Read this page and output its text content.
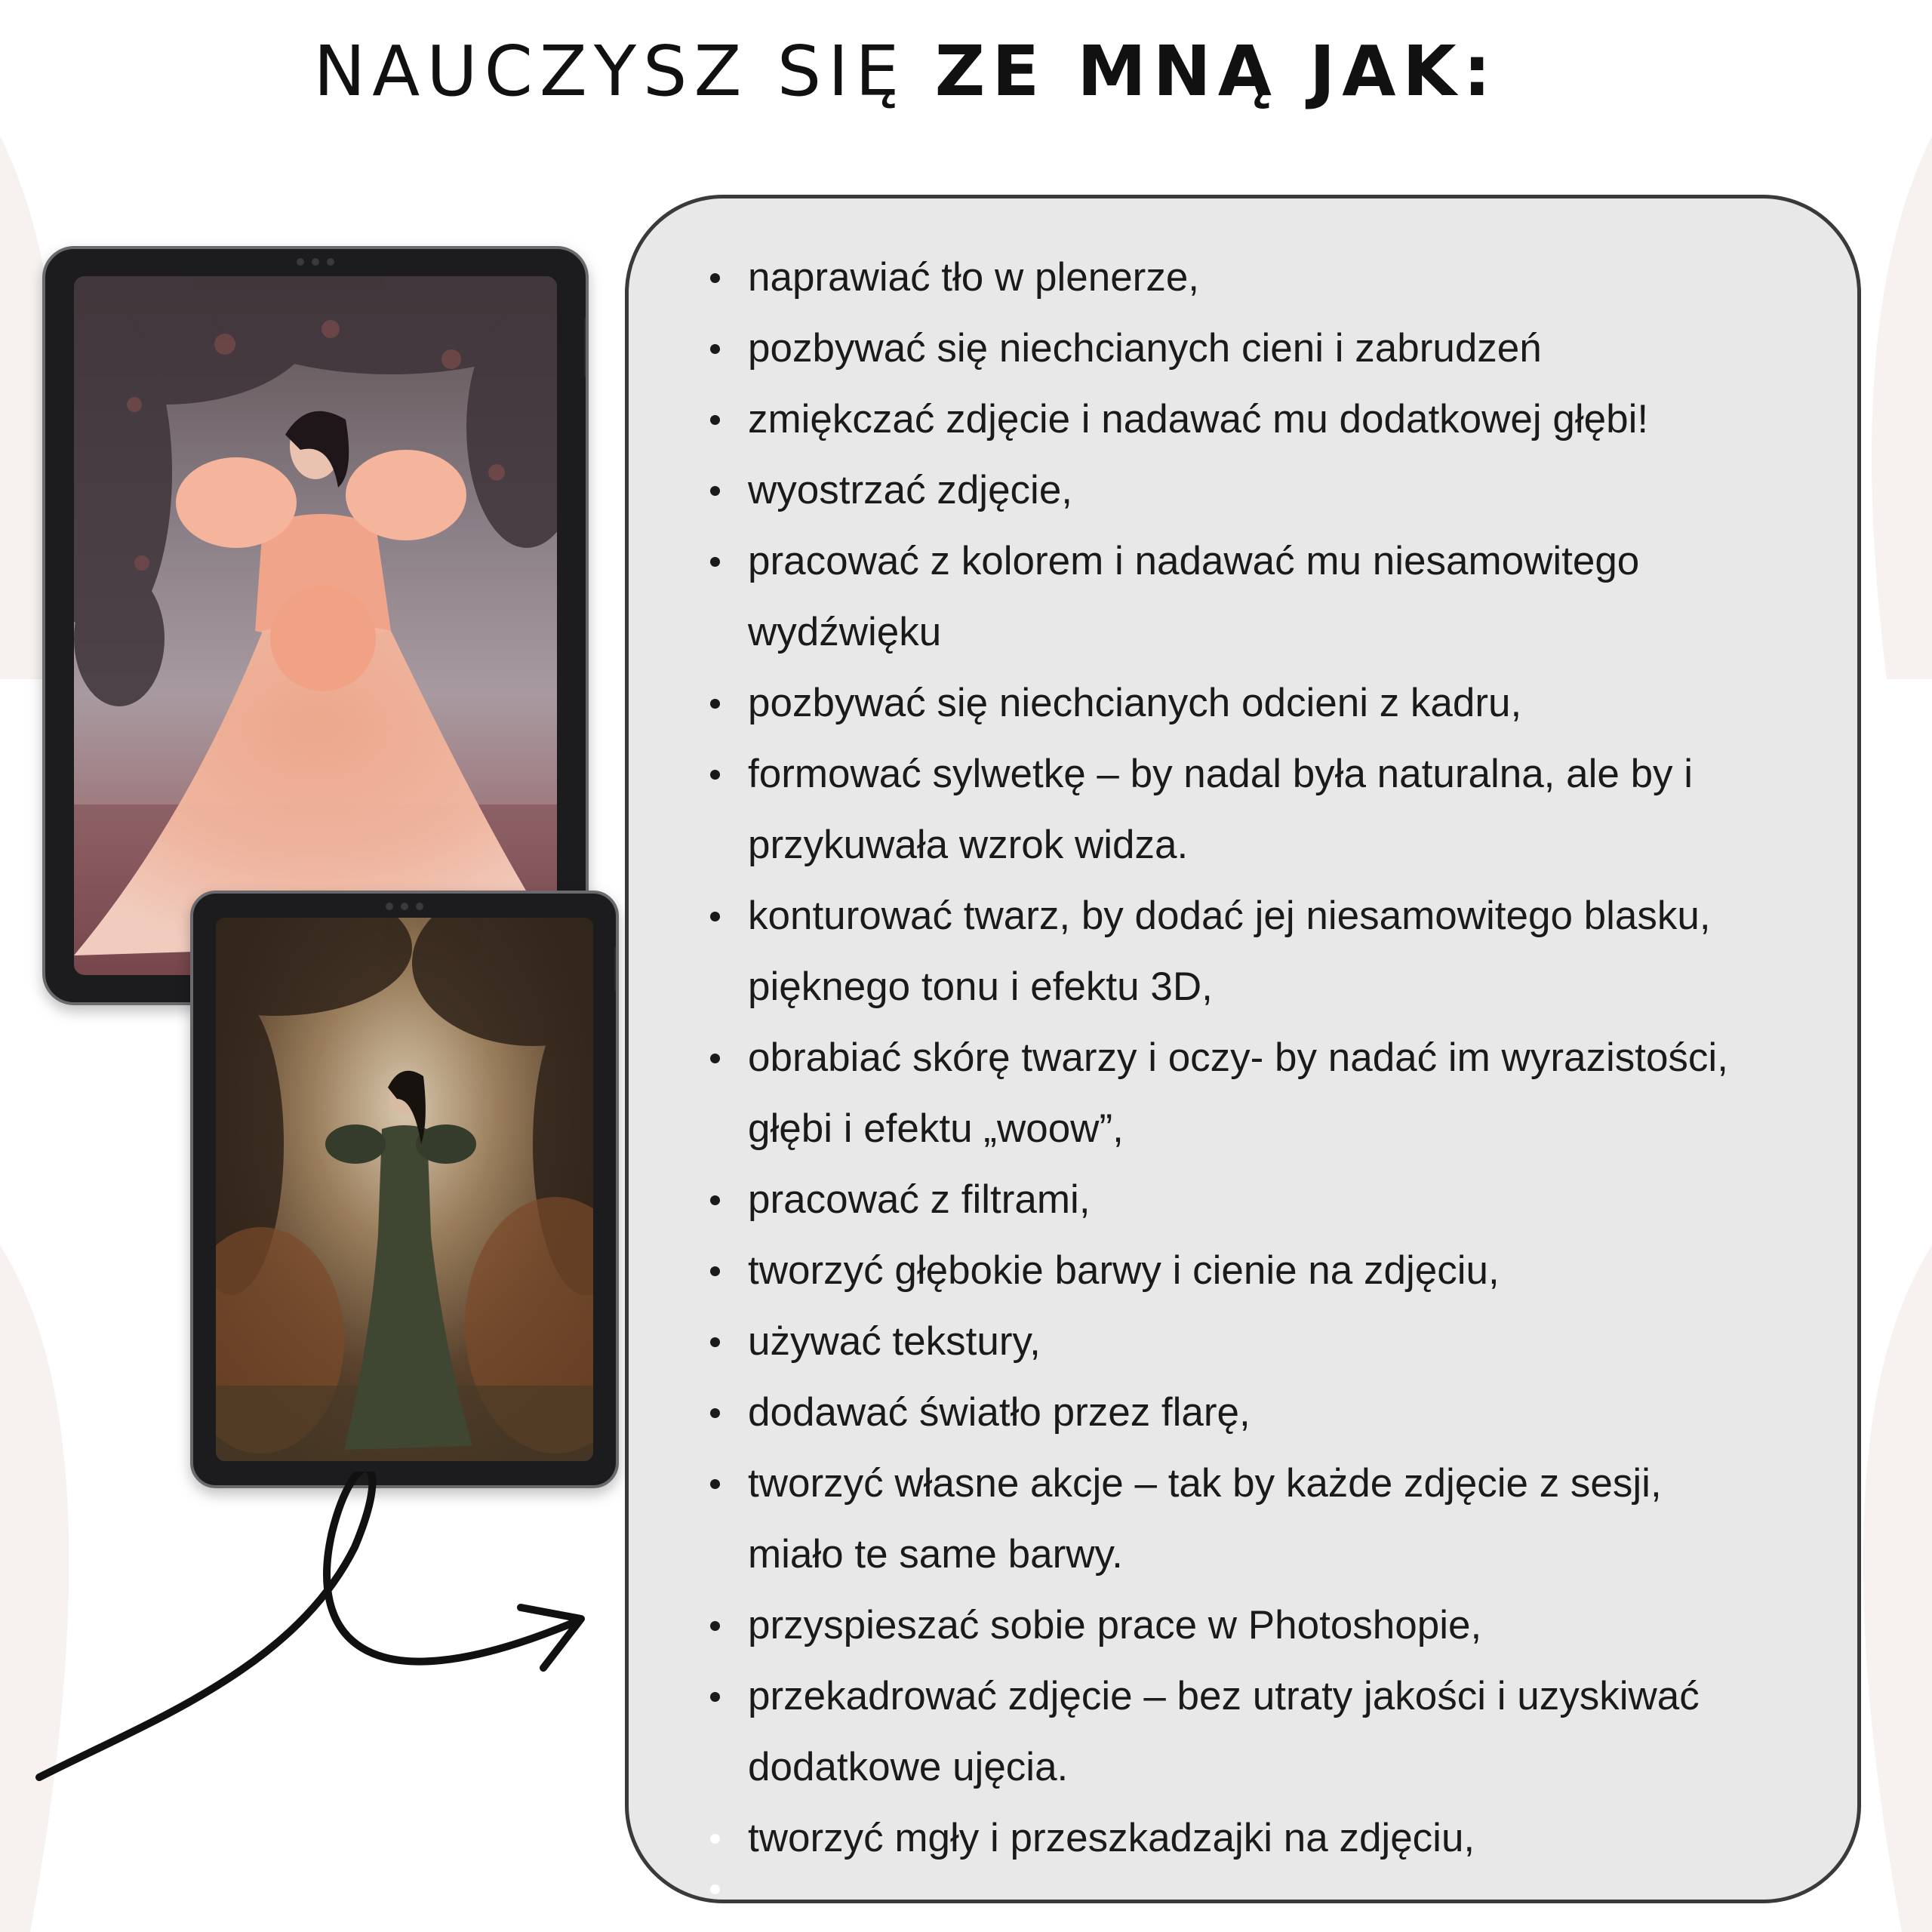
NAUCZYSZ SIĘ ZE MNĄ JAK:
naprawiać tło w plenerze,
pozbywać się niechcianych cieni i zabrudzeń
zmiękczać zdjęcie i nadawać mu dodatkowej głębi!
wyostrzać zdjęcie,
pracować z kolorem i nadawać mu niesamowitego
wydźwięku
pozbywać się niechcianych odcieni z kadru,
formować sylwetkę – by nadal była naturalna, ale by i
przykuwała wzrok widza.
konturować twarz, by dodać jej niesamowitego blasku,
pięknego tonu i efektu 3D,
obrabiać skórę twarzy i oczy- by nadać im wyrazistości,
głębi i efektu „woow”,
pracować z filtrami,
tworzyć głębokie barwy i cienie na zdjęciu,
używać tekstury,
dodawać światło przez flarę,
tworzyć własne akcje – tak by każde zdjęcie z sesji,
miało te same barwy.
przyspieszać sobie prace w Photoshopie,
przekadrować zdjęcie – bez utraty jakości i uzyskiwać
dodatkowe ujęcia.
tworzyć mgły i przeszkadzajki na zdjęciu,
